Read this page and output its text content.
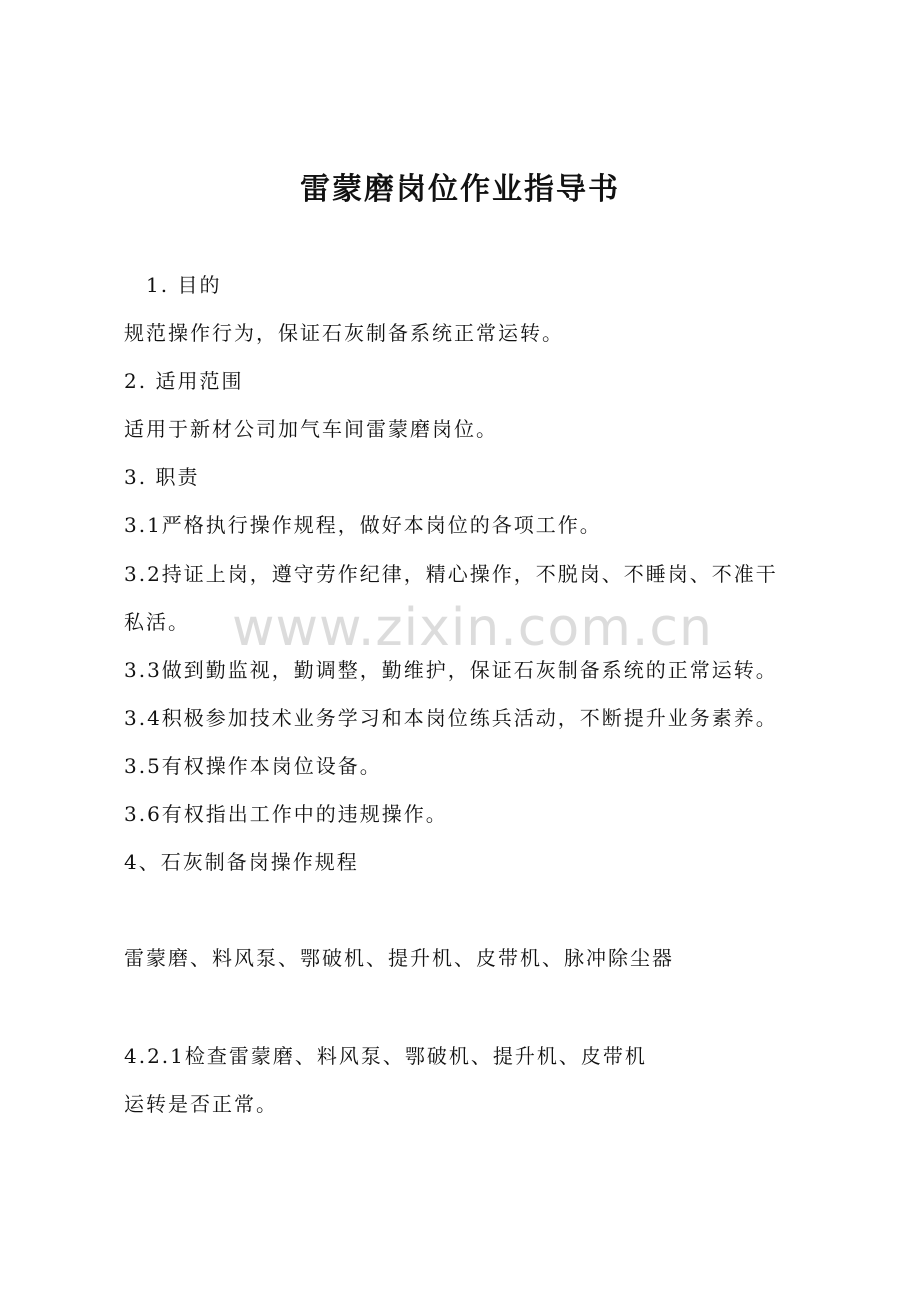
雷蒙磨岗位作业指导书
1. 目的
规范操作行为，保证石灰制备系统正常运转。
2. 适用范围
适用于新材公司加气车间雷蒙磨岗位。
3. 职责
3.1严格执行操作规程，做好本岗位的各项工作。
3.2持证上岗，遵守劳作纪律，精心操作，不脱岗、不睡岗、不准干
私活。
3.3做到勤监视，勤调整，勤维护，保证石灰制备系统的正常运转。
3.4积极参加技术业务学习和本岗位练兵活动，不断提升业务素养。
3.5有权操作本岗位设备。
3.6有权指出工作中的违规操作。
4、石灰制备岗操作规程
雷蒙磨、料风泵、鄂破机、提升机、皮带机、脉冲除尘器
4.2.1检查雷蒙磨、料风泵、鄂破机、提升机、皮带机
运转是否正常。
www.zixin.com.cn
